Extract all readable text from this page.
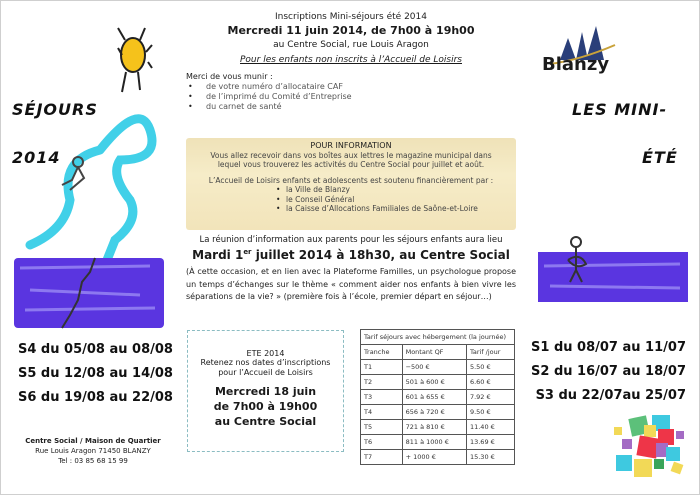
SÉJOURS
2014
Blanzy
LES MINI-
ÉTÉ
Inscriptions Mini-séjours été 2014
Mercredi 11 juin 2014, de 7h00 à 19h00
au Centre Social, rue Louis Aragon
Pour les enfants non inscrits à l’Accueil de Loisirs
Merci de vous munir :
• de votre numéro d’allocataire CAF
• de l’imprimé du Comité d’Entreprise
• du carnet de santé
POUR INFORMATION
Vous allez recevoir dans vos boîtes aux lettres le magazine municipal dans lequel vous trouverez les activités du Centre Social pour juillet et août.
L’Accueil de Loisirs enfants et adolescents est soutenu financièrement par :
• la Ville de Blanzy
• le Conseil Général
• la Caisse d’Allocations Familiales de Saône-et-Loire
La réunion d’information aux parents pour les séjours enfants aura lieu
Mardi 1er juillet 2014 à 18h30, au Centre Social
(À cette occasion, et en lien avec la Plateforme Familles, un psychologue propose un temps d’échanges sur le thème « comment aider nos enfants à bien vivre les séparations de la vie? » (première fois à l’école, premier départ en séjour…)
S4 du 05/08 au 08/08
S5 du 12/08 au 14/08
S6 du 19/08 au 22/08
S1 du 08/07 au 11/07
S2 du 16/07 au 18/07
S3 du 22/07au 25/07
ETE 2014
Retenez nos dates d’inscriptions
pour l’Accueil de Loisirs
Mercredi 18 juin
de 7h00 à 19h00
au Centre Social
Tarif séjours avec hébergement (la journée)		
Tranche	Montant QF	Tarif /jour
T1	−500 €	5.50 €
T2	501 à 600 €	6.60 €
T3	601 à 655 €	7.92 €
T4	656 à 720 €	9.50 €
T5	721 à 810 €	11.40 €
T6	811 à 1000 €	13.69 €
T7	+ 1000 €	15.30 €
Centre Social / Maison de Quartier
Rue Louis Aragon 71450 BLANZY
Tel : 03 85 68 15 99
